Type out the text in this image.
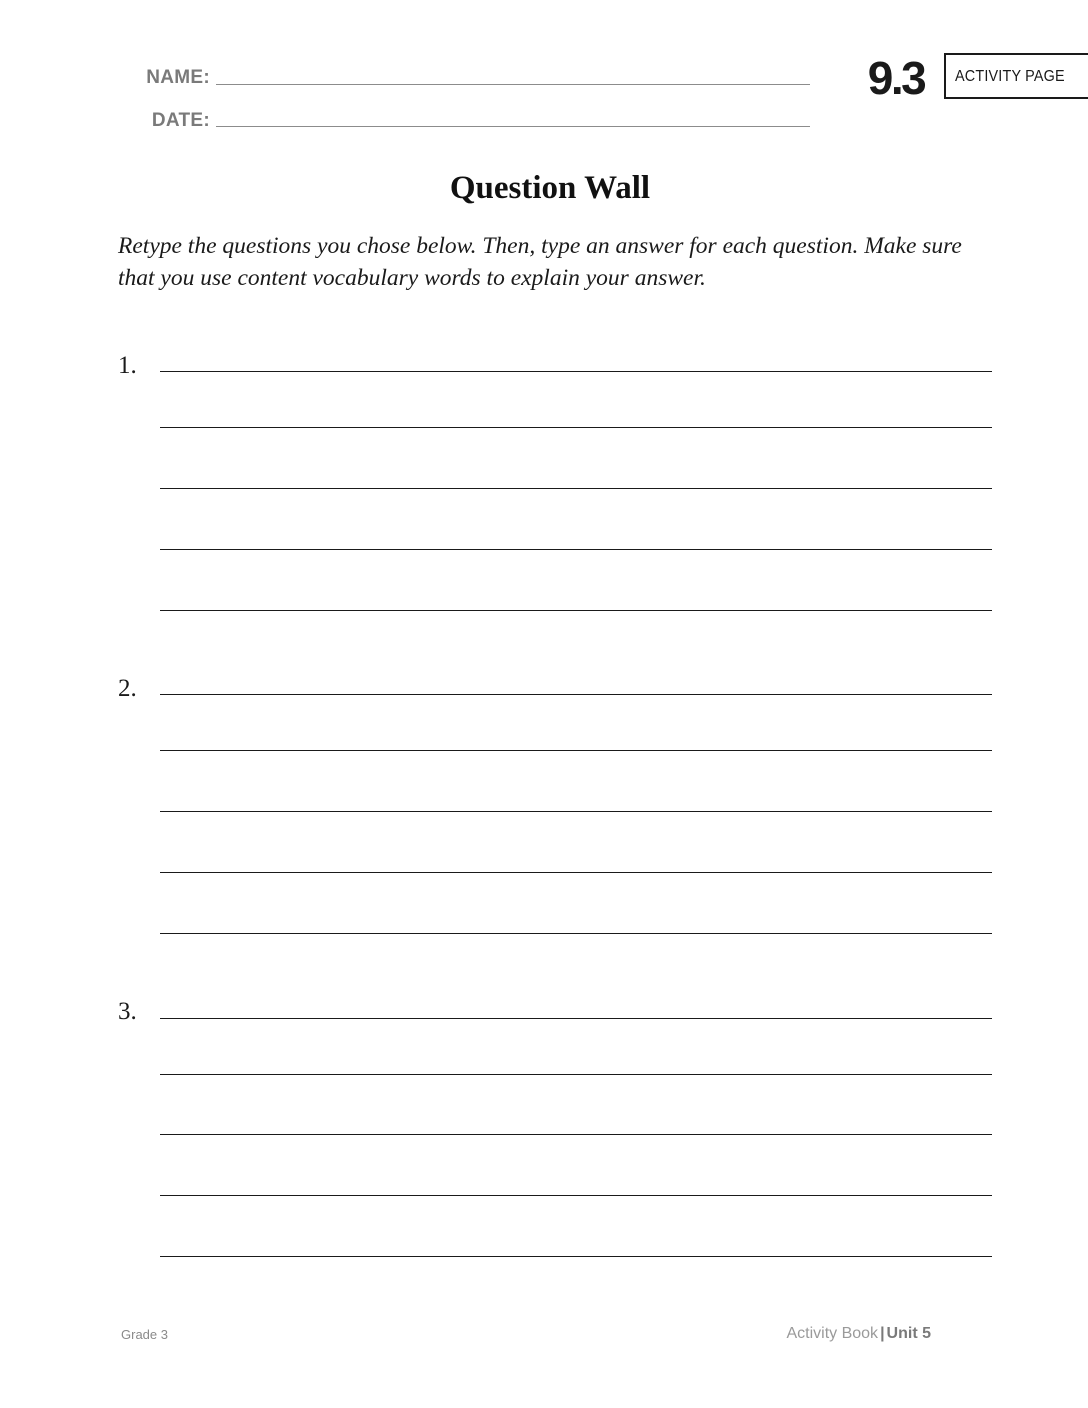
NAME:
DATE:
9.3	ACTIVITY PAGE
Question Wall
Retype the questions you chose below. Then, type an answer for each question. Make sure that you use content vocabulary words to explain your answer.
1.
2.
3.
Grade 3	Activity Book | Unit 5
